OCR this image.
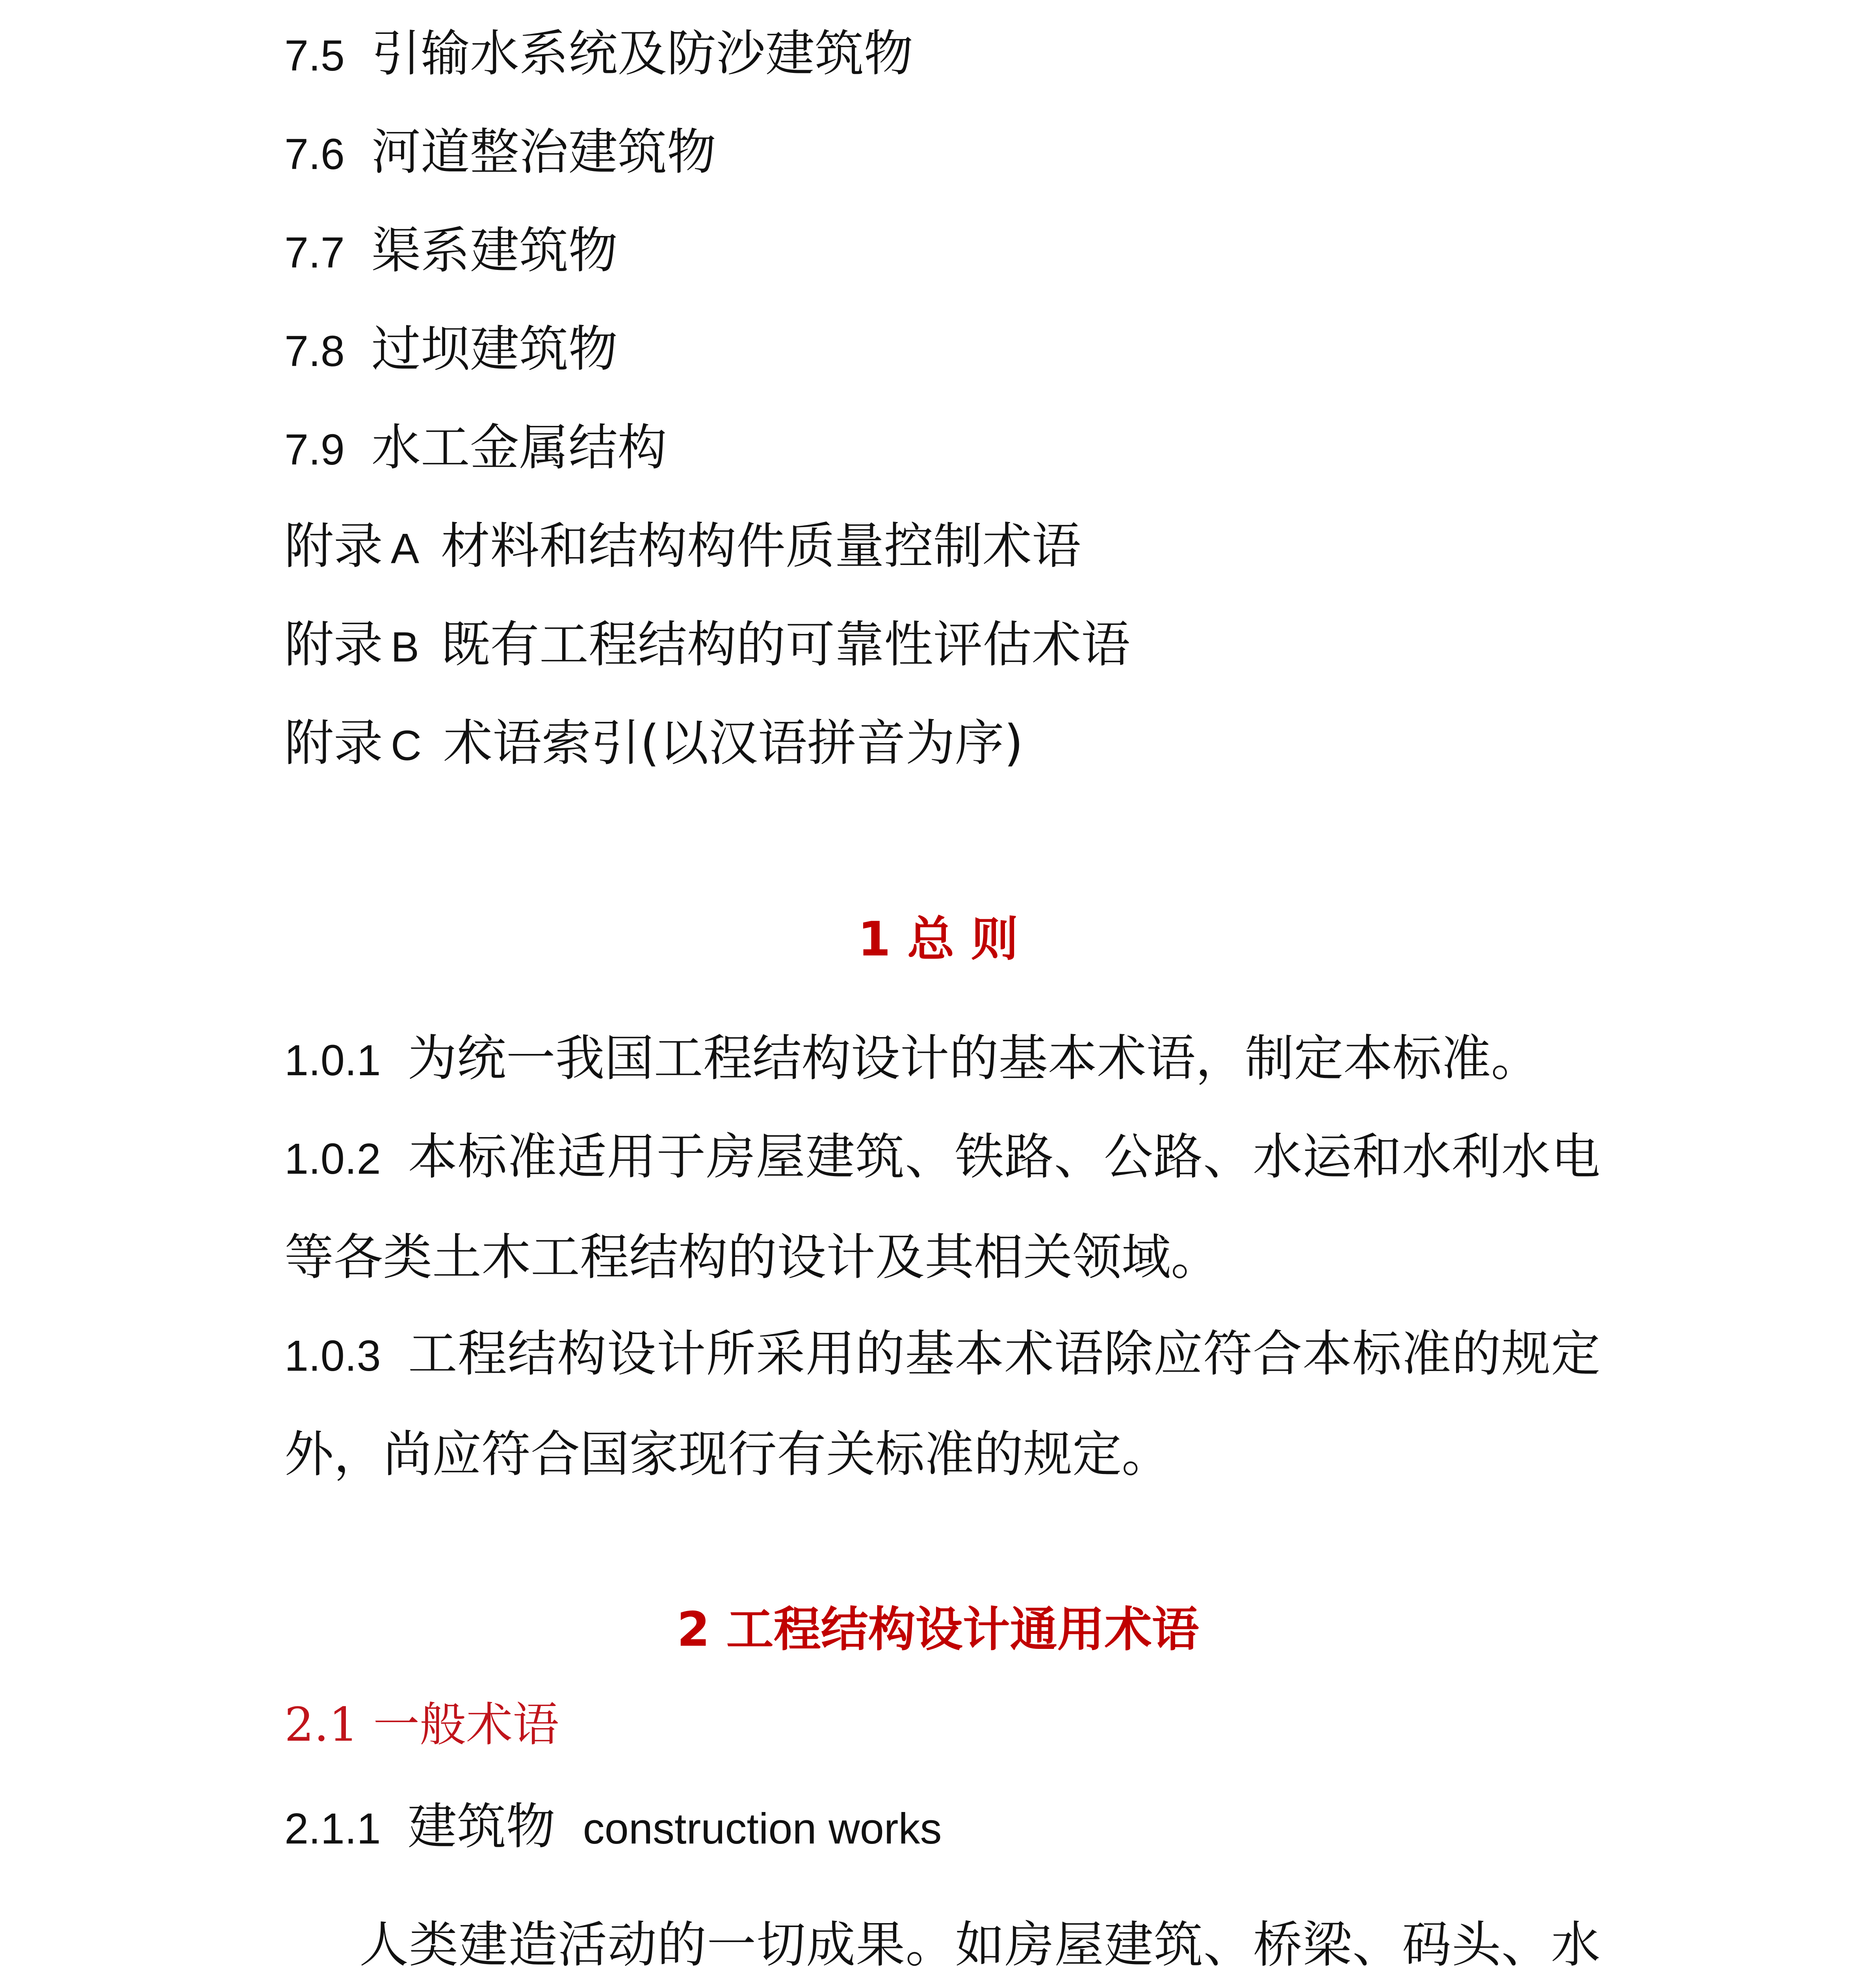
7.5 引输水系统及防沙建筑物
7.6 河道整治建筑物
7.7 渠系建筑物
7.8 过坝建筑物
7.9 水工金属结构
附录 A 材料和结构构件质量控制术语
附录 B 既有工程结构的可靠性评估术语
附录 C 术语索引(以汉语拼音为序)
1 总 则
1.0.1 为统一我国工程结构设计的基本术语，制定本标准。
1.0.2 本标准适用于房屋建筑、铁路、公路、水运和水利水电等各类土木工程结构的设计及其相关领域。
1.0.3 工程结构设计所采用的基本术语除应符合本标准的规定外，尚应符合国家现行有关标准的规定。
2 工程结构设计通用术语
2.1 一般术语
2.1.1 建筑物 construction works
人类建造活动的一切成果。如房屋建筑、桥梁、码头、水
